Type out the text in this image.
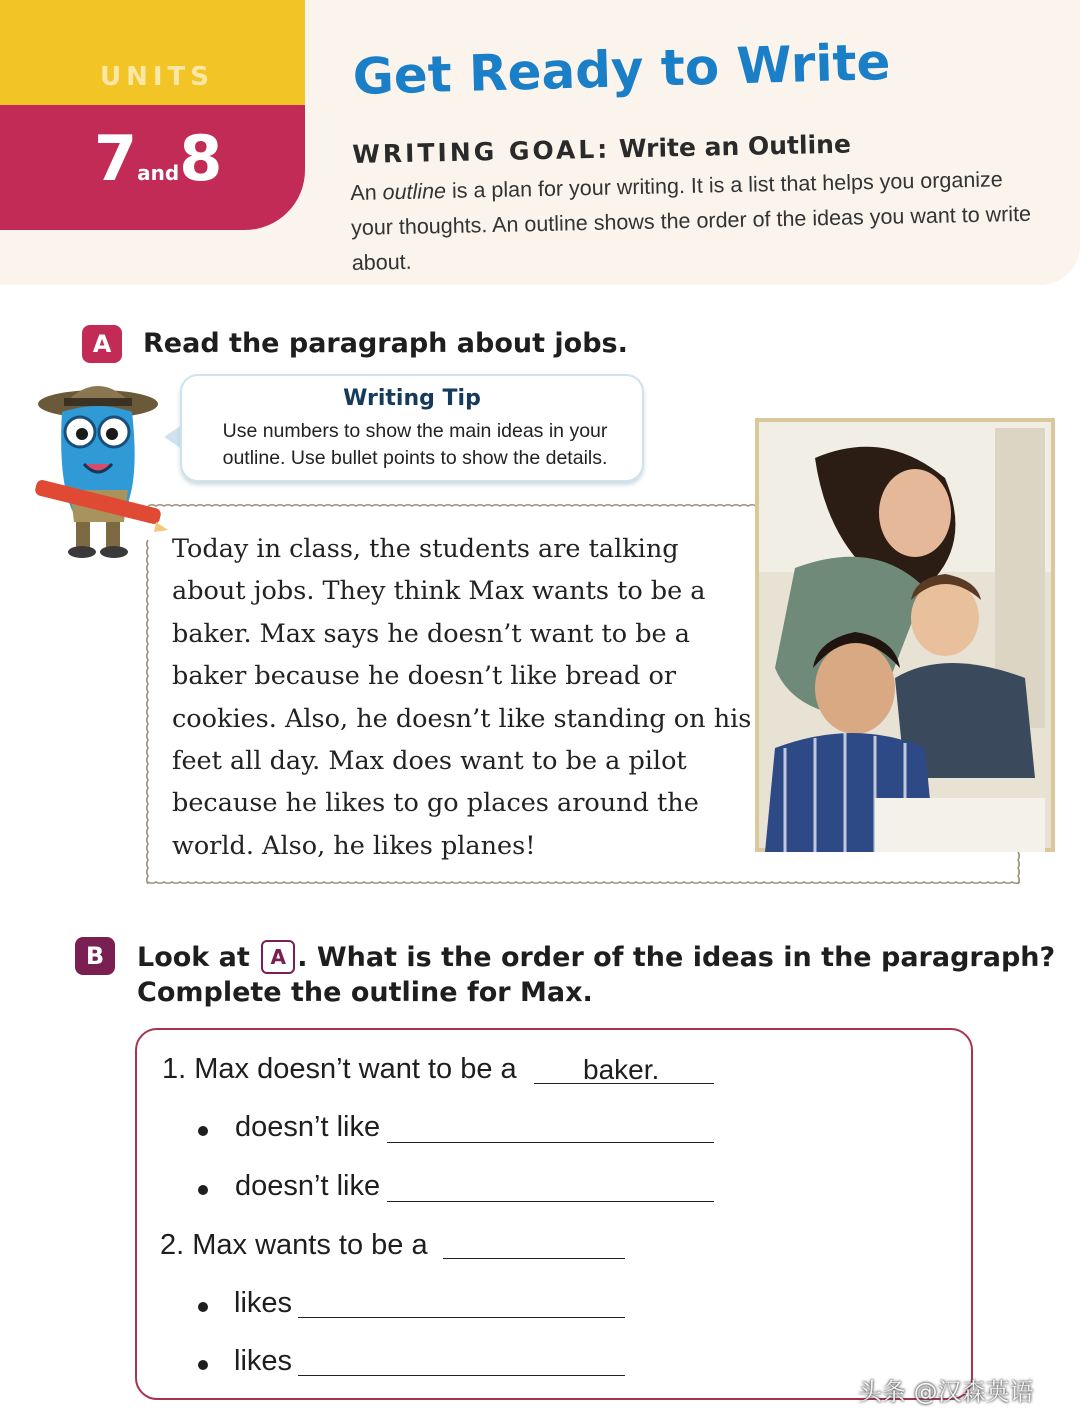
UNITS
7and8
Get Ready to Write
WRITING GOAL: Write an Outline
An outline is a plan for your writing. It is a list that helps you organize your thoughts. An outline shows the order of the ideas you want to write about.
A	Read the paragraph about jobs.
Writing Tip
Use numbers to show the main ideas in your outline. Use bullet points to show the details.
Today in class, the students are talking about jobs. They think Max wants to be a baker. Max says he doesn’t want to be a baker because he doesn’t like bread or cookies. Also, he doesn’t like standing on his feet all day. Max does want to be a pilot because he likes to go places around the world. Also, he likes planes!
B	Look at A . What is the order of the ideas in the paragraph?
Complete the outline for Max.
1. Max doesn’t want to be a baker.
doesn’t like
doesn’t like
2. Max wants to be a
likes
likes
头条 @汉森英语
